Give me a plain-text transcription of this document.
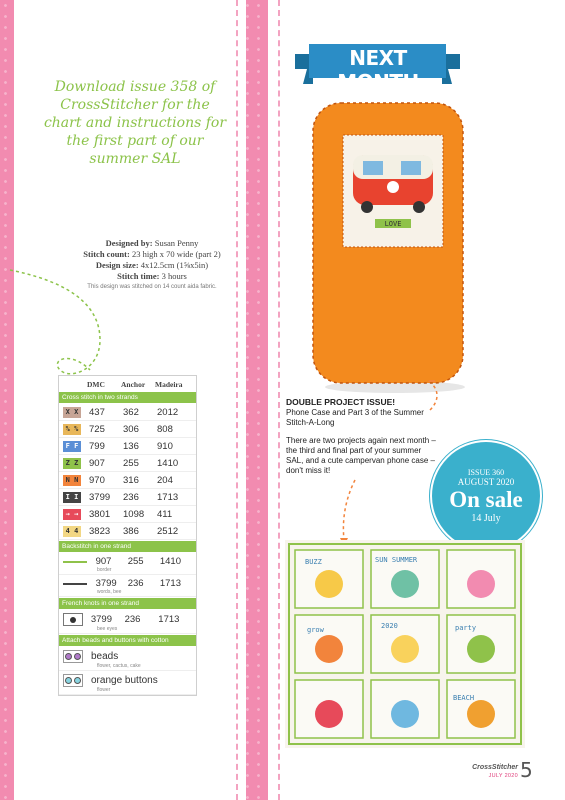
Download issue 358 of CrossStitcher for the chart and instructions for the first part of our summer SAL
Designed by: Susan Penny
Stitch count: 23 high x 70 wide (part 2)
Design size: 4x12.5cm (1⅝x5in)
Stitch time: 3 hours
This design was stitched on 14 count aida fabric.
DMC	Anchor	Madeira
Cross stitch in two strands
X X 437	362	2012
% % 725	306	808
F F 799	136	910
Z Z 907	255	1410
N N 970	316	204
I I 3799	236	1713
→ → 3801	1098	411
4 4 3823	386	2512
Backstitch in one strand
907	255	1410
border
3799	236	1713
words, bee
French knots in one strand
3799	236	1713
bee eyes
Attach beads and buttons with cotton
beads
flower, cactus, cake
orange buttons
flower
NEXT MONTH
LOVE
DOUBLE PROJECT ISSUE!
Phone Case and Part 3 of the Summer Stitch-A-Long
There are two projects again next month – the third and final part of your summer SAL, and a cute campervan phone case – don't miss it!	ISSUE 360
AUGUST 2020
On sale
14 July
BUZZ	SUN SUMMER
grow	2020	party
BEACH
CrossStitcher
JULY 2020 5
